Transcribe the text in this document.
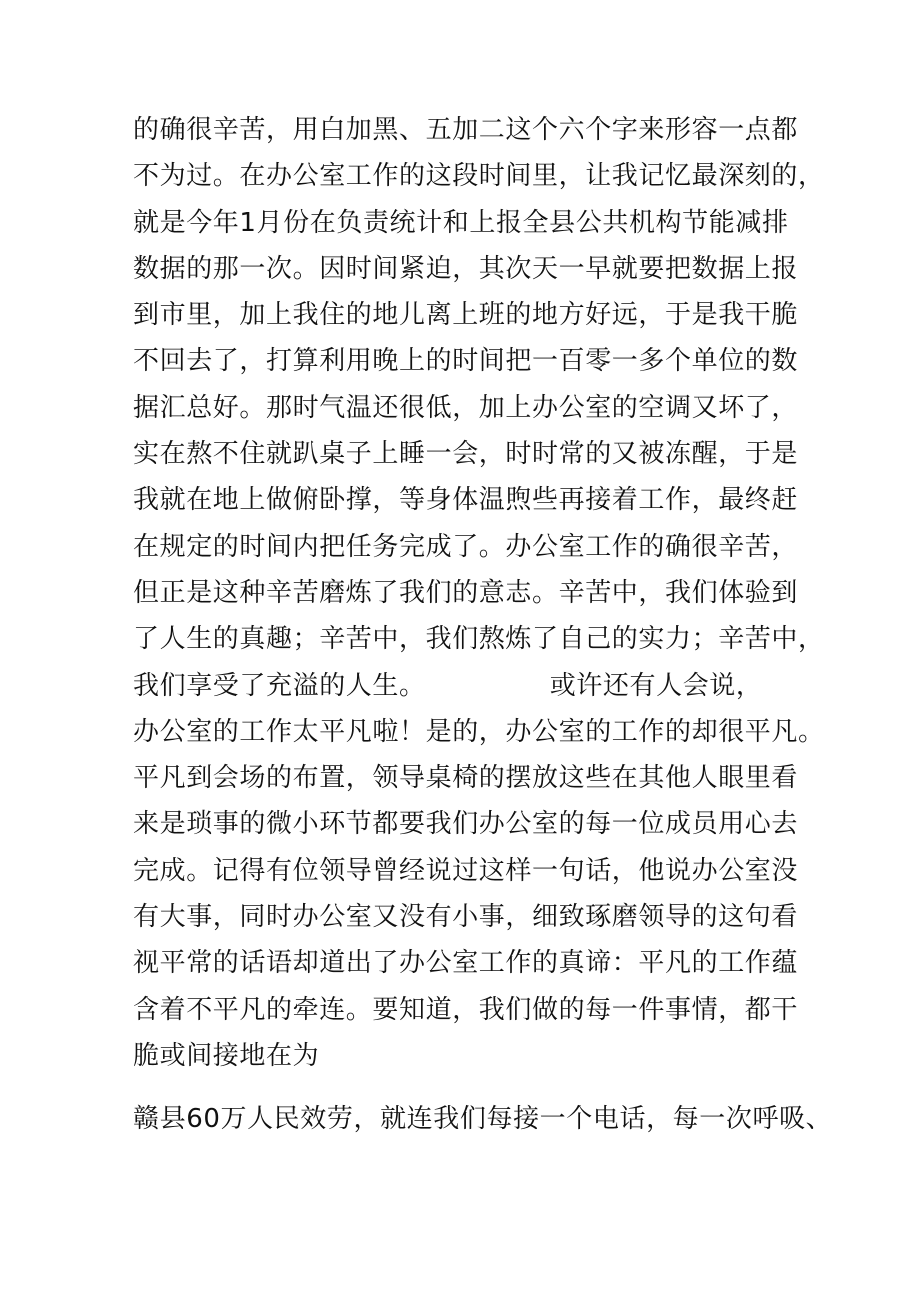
的确很辛苦，用白加黑、五加二这个六个字来形容一点都
不为过。在办公室工作的这段时间里，让我记忆最深刻的，
就是今年1月份在负责统计和上报全县公共机构节能减排
数据的那一次。因时间紧迫，其次天一早就要把数据上报
到市里，加上我住的地儿离上班的地方好远，于是我干脆
不回去了，打算利用晚上的时间把一百零一多个单位的数
据汇总好。那时气温还很低，加上办公室的空调又坏了，
实在熬不住就趴桌子上睡一会，时时常的又被冻醒，于是
我就在地上做俯卧撑，等身体温煦些再接着工作，最终赶
在规定的时间内把任务完成了。办公室工作的确很辛苦，
但正是这种辛苦磨炼了我们的意志。辛苦中，我们体验到
了人生的真趣；辛苦中，我们熬炼了自己的实力；辛苦中，
我们享受了充溢的人生。              或许还有人会说，
办公室的工作太平凡啦！是的，办公室的工作的却很平凡。
平凡到会场的布置，领导桌椅的摆放这些在其他人眼里看
来是琐事的微小环节都要我们办公室的每一位成员用心去
完成。记得有位领导曾经说过这样一句话，他说办公室没
有大事，同时办公室又没有小事，细致琢磨领导的这句看
视平常的话语却道出了办公室工作的真谛：平凡的工作蕴
含着不平凡的牵连。要知道，我们做的每一件事情，都干
脆或间接地在为
赣县60万人民效劳，就连我们每接一个电话，每一次呼吸、
